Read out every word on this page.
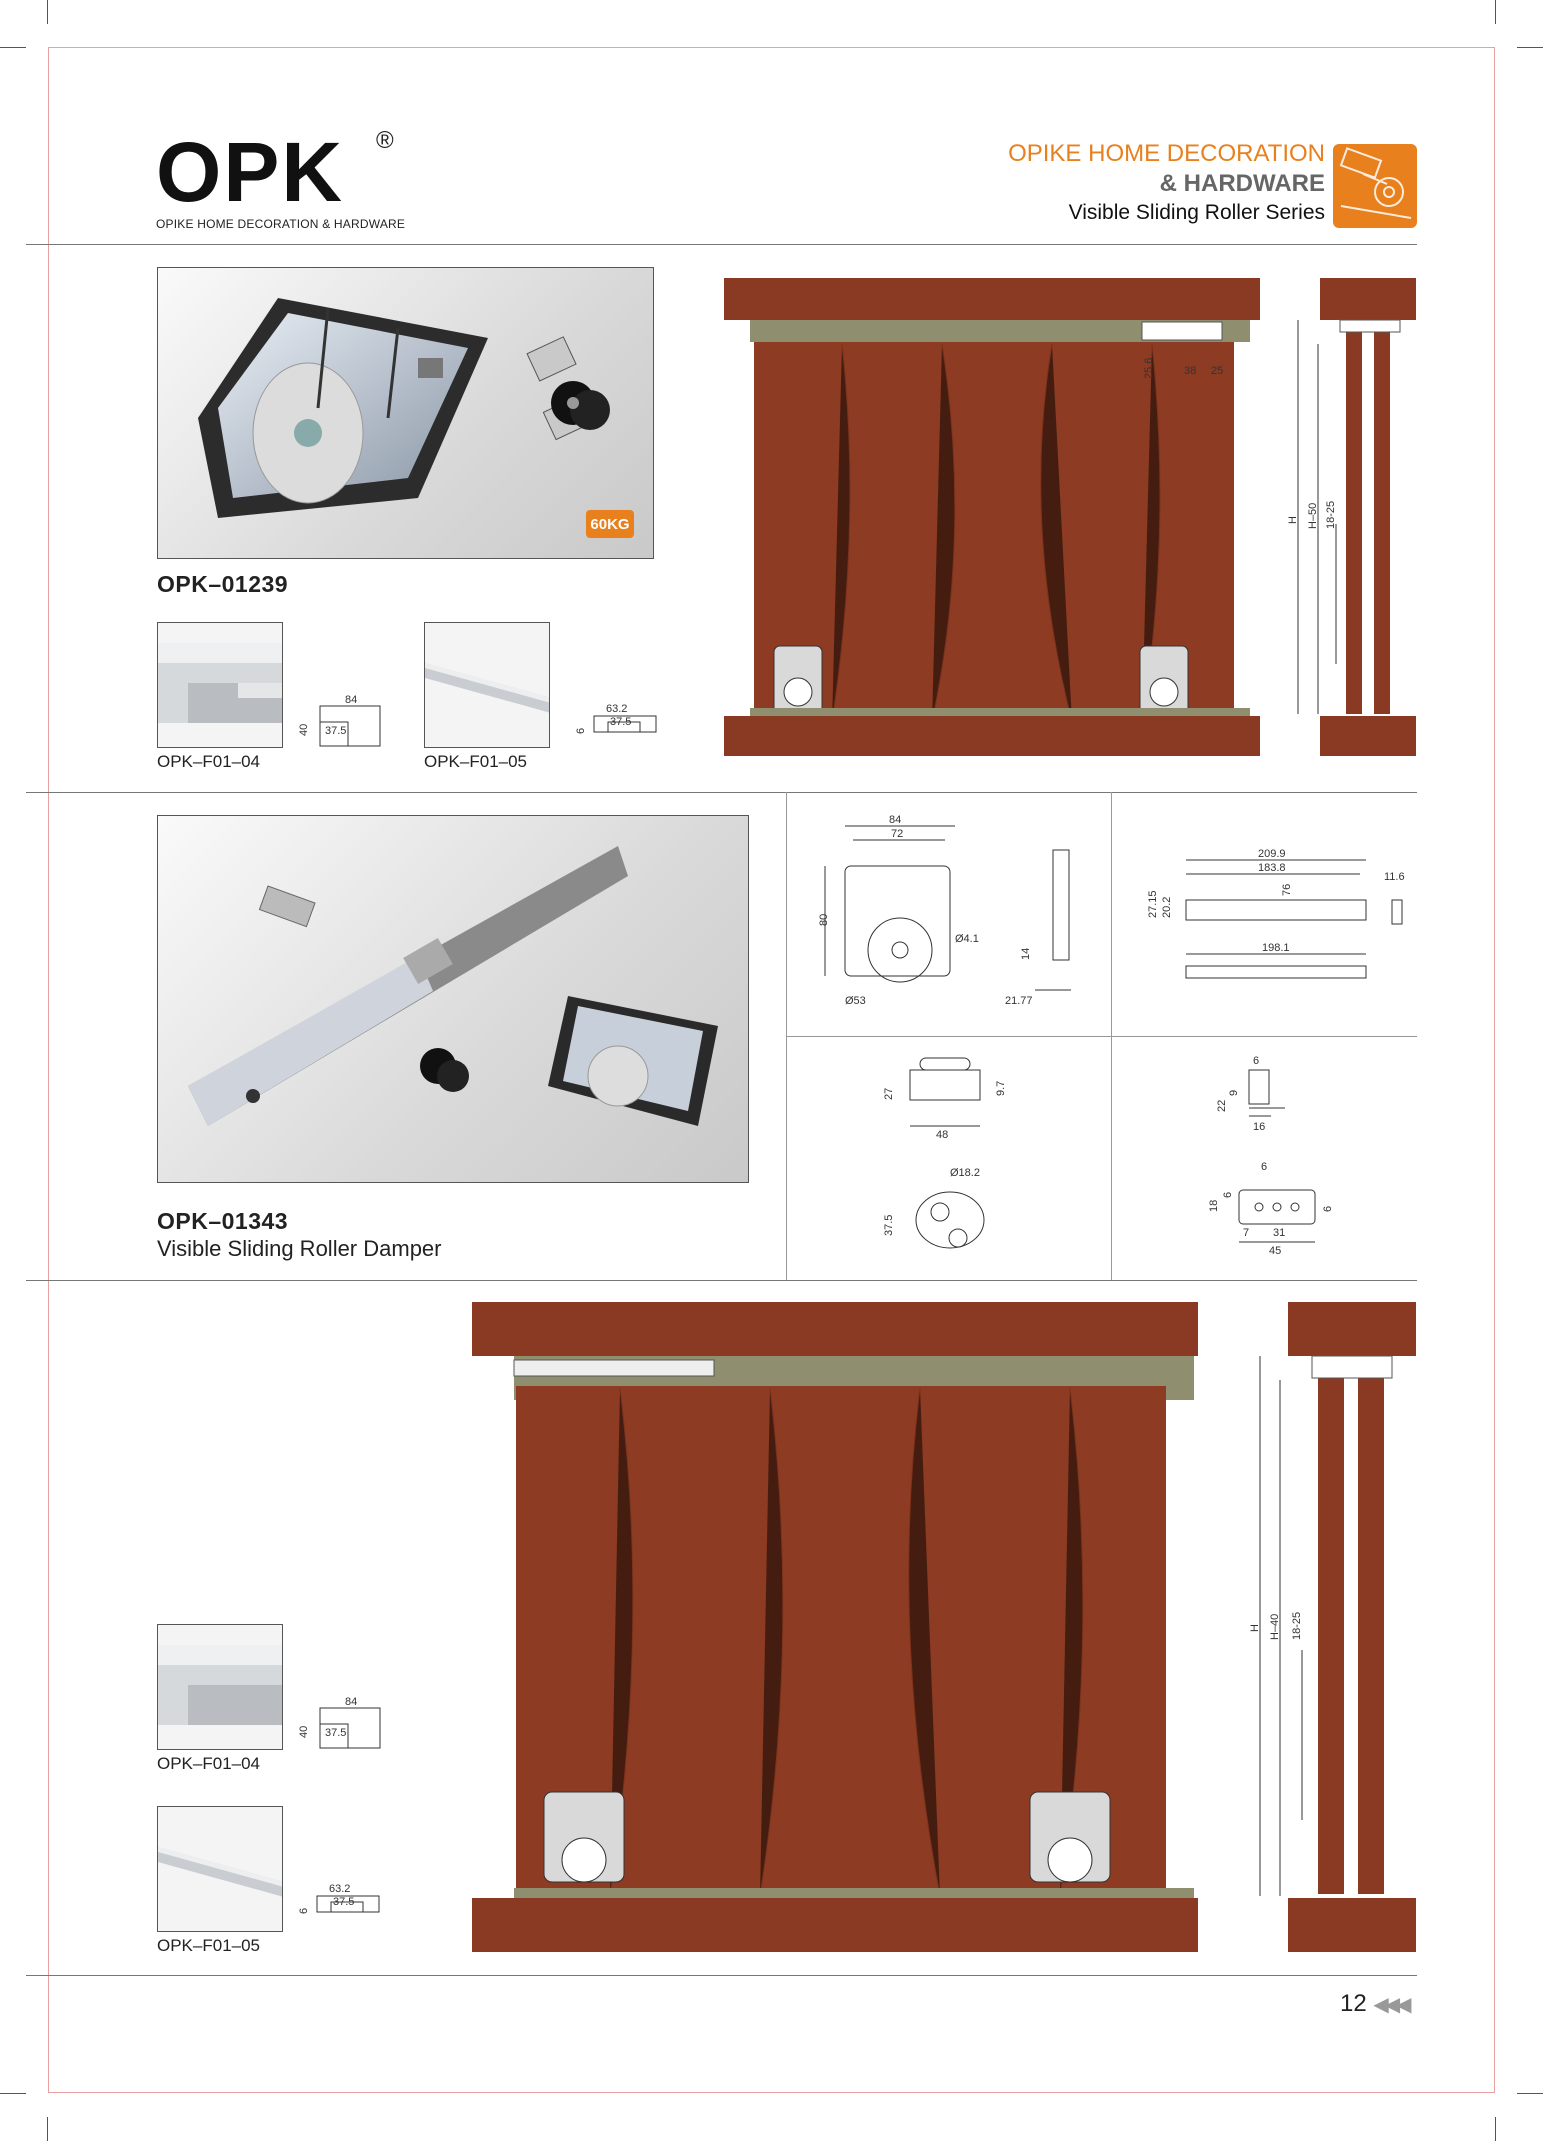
OPK	®
OPIKE HOME DECORATION & HARDWARE
OPIKE HOME DECORATION
& HARDWARE
Visible Sliding Roller Series
60KG
OPK–01239
84
37.5
40
OPK–F01–04
63.2
37.5
6
OPK–F01–05
25.6	38 25
H H–50 18-25
OPK–01343
Visible Sliding Roller Damper
84
72
80
Ø4.1
Ø53
14
21.77
209.9
183.8
27.15 20.2
76
11.6
198.1
27	9.7
48
Ø18.2
37.5
6
9
22
16
6
18
6
6
7 31
45
84
37.5
40
OPK–F01–04
63.2
37.5
6
OPK–F01–05
H H–40 18-25
12 ◀◀◀
